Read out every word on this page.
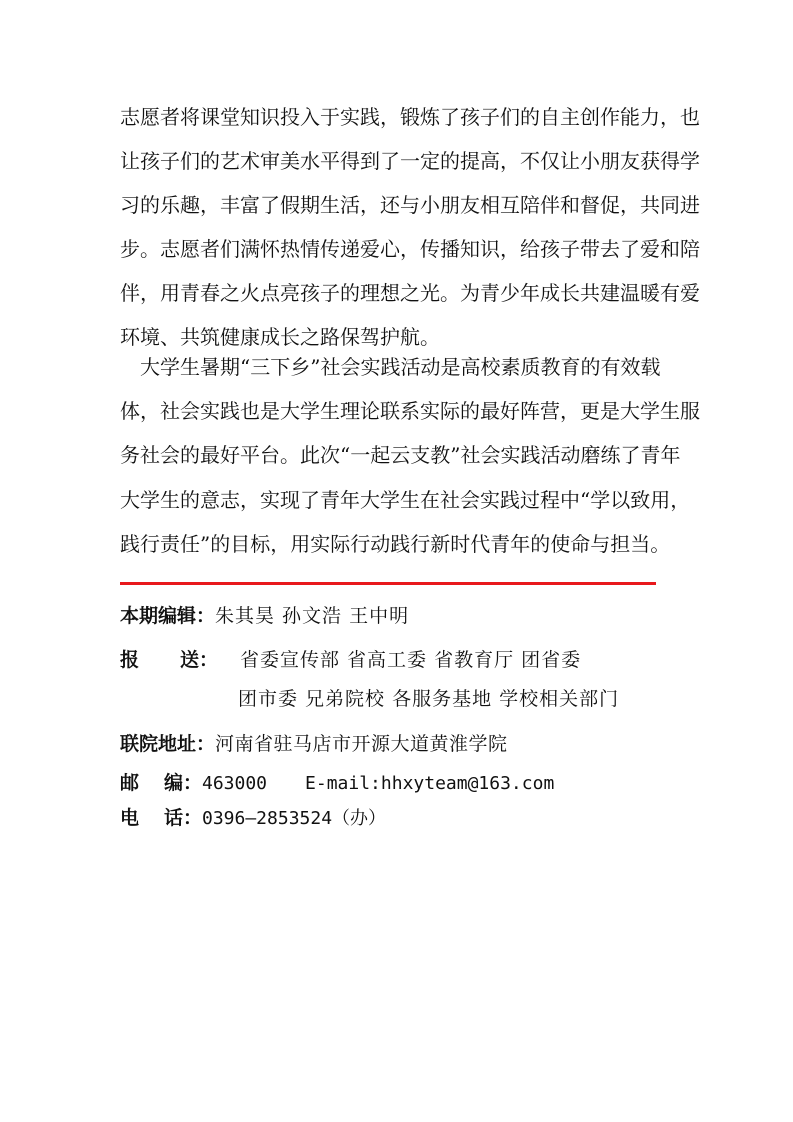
志愿者将课堂知识投入于实践，锻炼了孩子们的自主创作能力，也
让孩子们的艺术审美水平得到了一定的提高，不仅让小朋友获得学
习的乐趣，丰富了假期生活，还与小朋友相互陪伴和督促，共同进
步。志愿者们满怀热情传递爱心，传播知识，给孩子带去了爱和陪
伴，用青春之火点亮孩子的理想之光。为青少年成长共建温暖有爱
环境、共筑健康成长之路保驾护航。
　大学生暑期“三下乡”社会实践活动是高校素质教育的有效载
体，社会实践也是大学生理论联系实际的最好阵营，更是大学生服
务社会的最好平台。此次“一起云支教”社会实践活动磨练了青年
大学生的意志，实现了青年大学生在社会实践过程中“学以致用，
践行责任”的目标，用实际行动践行新时代青年的使命与担当。
本期编辑：朱其昊 孙文浩 王中明
报 送： 省委宣传部 省高工委 省教育厅 团省委
团市委 兄弟院校 各服务基地 学校相关部门
联院地址：河南省驻马店市开源大道黄淮学院
邮 编： 463000 E-mail:hhxyteam@163.com
电 话： 0396—2853524（办）
